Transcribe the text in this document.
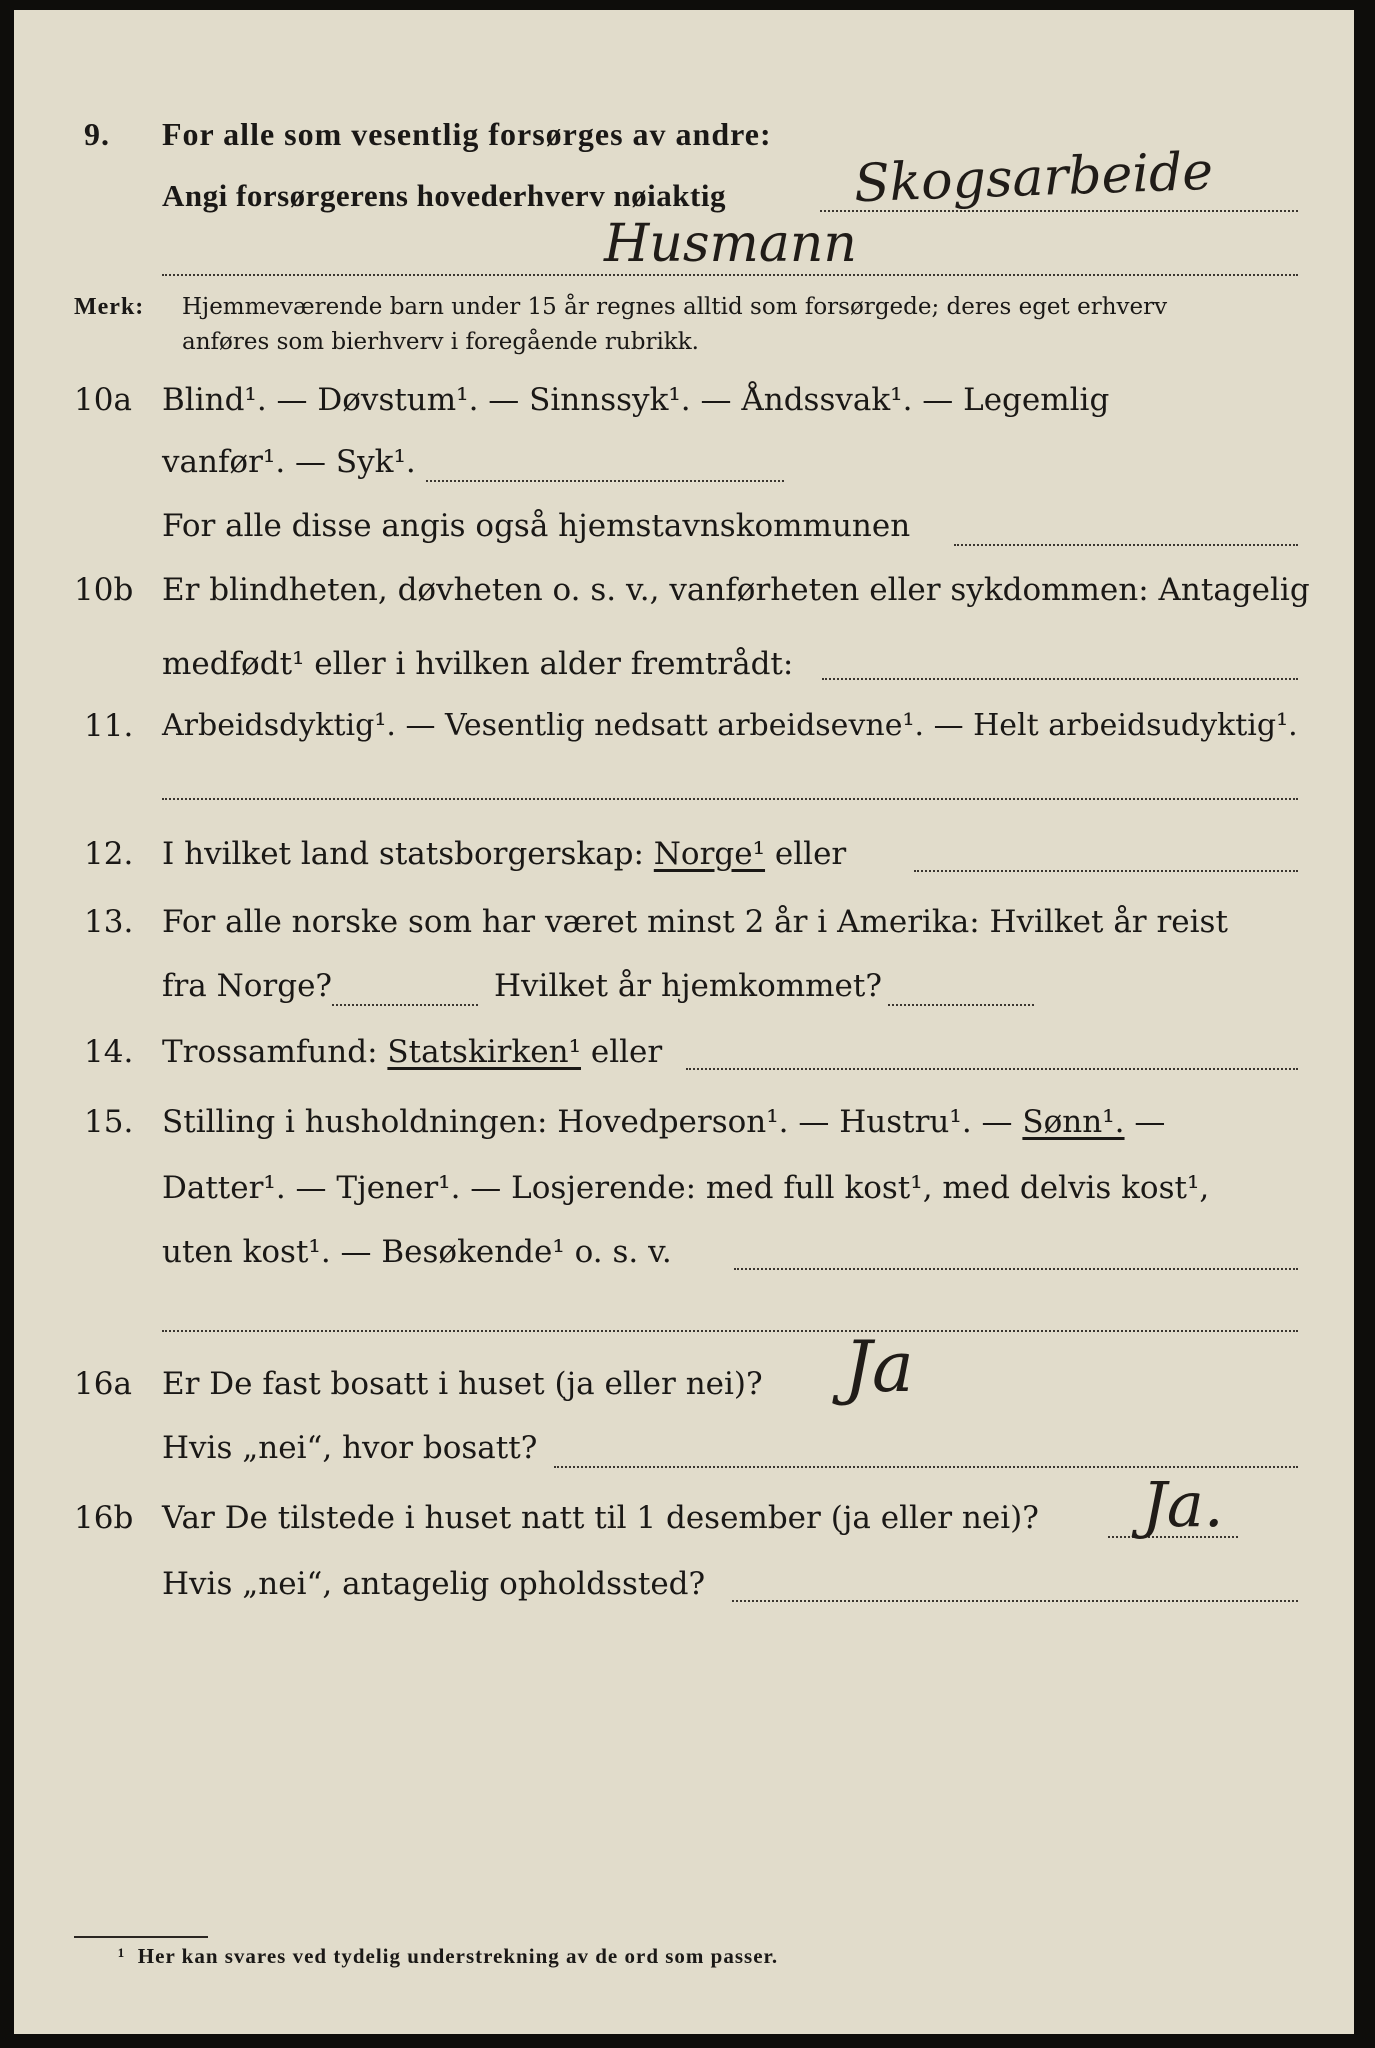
9. For alle som vesentlig forsørges av andre:
Angi forsørgerens hovederhverv nøiaktig Skogsarbeide
Husmann
Merk: Hjemmeværende barn under 15 år regnes alltid som forsørgede; deres eget erhverv
anføres som bierhverv i foregående rubrikk.
10a Blind¹. — Døvstum¹. — Sinnssyk¹. — Åndssvak¹. — Legemlig
vanfør¹. — Syk¹.
For alle disse angis også hjemstavnskommunen
10b Er blindheten, døvheten o. s. v., vanførheten eller sykdommen: Antagelig
medfødt¹ eller i hvilken alder fremtrådt:
11. Arbeidsdyktig¹. — Vesentlig nedsatt arbeidsevne¹. — Helt arbeidsudyktig¹.
12. I hvilket land statsborgerskap: Norge¹ eller
13. For alle norske som har været minst 2 år i Amerika: Hvilket år reist
fra Norge?	Hvilket år hjemkommet?
14. Trossamfund: Statskirken¹ eller
15. Stilling i husholdningen: Hovedperson¹. — Hustru¹. — Sønn¹. —
Datter¹. — Tjener¹. — Losjerende: med full kost¹, med delvis kost¹,
uten kost¹. — Besøkende¹ o. s. v.
16a Er De fast bosatt i huset (ja eller nei)? Ja
Hvis „nei“, hvor bosatt?
16b Var De tilstede i huset natt til 1 desember (ja eller nei)? Ja.
Hvis „nei“, antagelig opholdssted?
¹ Her kan svares ved tydelig understrekning av de ord som passer.
